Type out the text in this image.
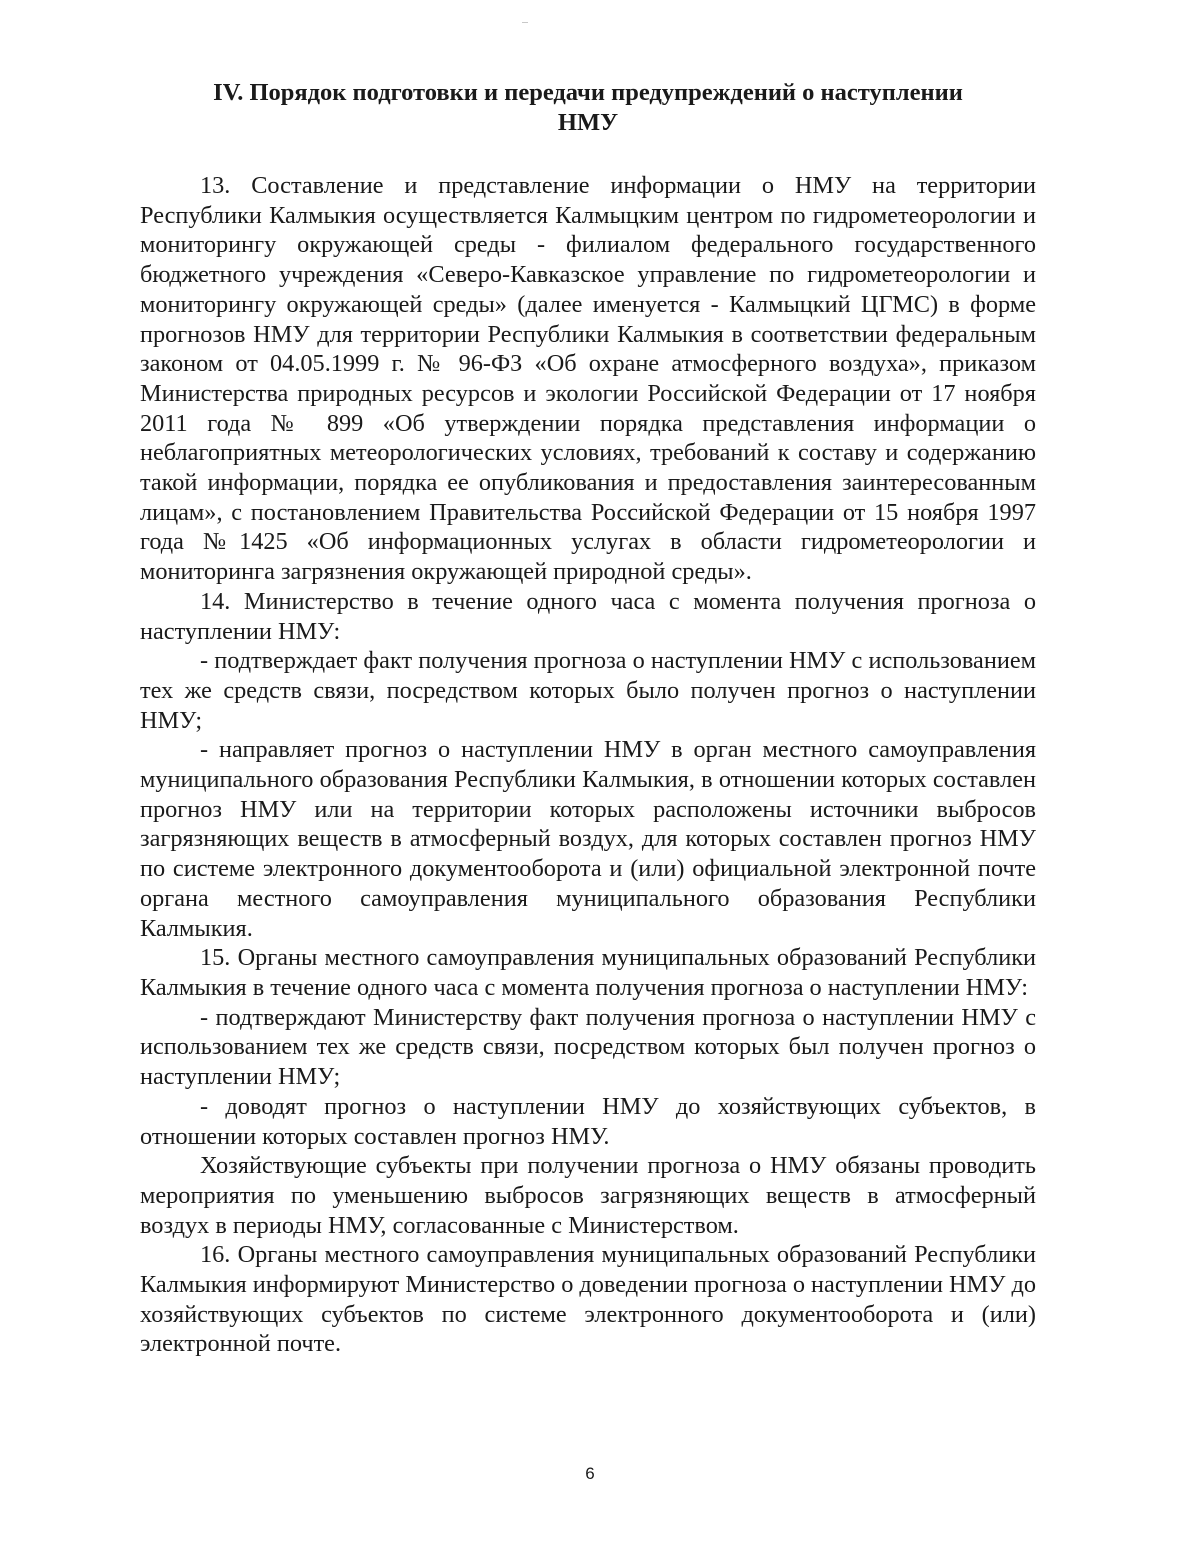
IV. Порядок подготовки и передачи предупреждений о наступлении
НМУ

13. Составление и представление информации о НМУ на территории Республики Калмыкия осуществляется Калмыцким центром по гидрометеорологии и мониторингу окружающей среды - филиалом федерального государственного бюджетного учреждения «Северо-Кавказское управление по гидрометеорологии и мониторингу окружающей среды» (далее именуется - Калмыцкий ЦГМС) в форме прогнозов НМУ для территории Республики Калмыкия в соответствии федеральным законом от 04.05.1999 г. № 96-ФЗ «Об охране атмосферного воздуха», приказом Министерства природных ресурсов и экологии Российской Федерации от 17 ноября 2011 года № 899 «Об утверждении порядка представления информации о неблагоприятных метеорологических условиях, требований к составу и содержанию такой информации, порядка ее опубликования и предоставления заинтересованным лицам», с постановлением Правительства Российской Федерации от 15 ноября 1997 года №1425 «Об информационных услугах в области гидрометеорологии и мониторинга загрязнения окружающей природной среды».

14. Министерство в течение одного часа с момента получения прогноза о наступлении НМУ:

- подтверждает факт получения прогноза о наступлении НМУ с использованием тех же средств связи, посредством которых было получен прогноз о наступлении НМУ;

- направляет прогноз о наступлении НМУ в орган местного самоуправления муниципального образования Республики Калмыкия, в отношении которых составлен прогноз НМУ или на территории которых расположены источники выбросов загрязняющих веществ в атмосферный воздух, для которых составлен прогноз НМУ по системе электронного документооборота и (или) официальной электронной почте органа местного самоуправления муниципального образования Республики Калмыкия.

15. Органы местного самоуправления муниципальных образований Республики Калмыкия в течение одного часа с момента получения прогноза о наступлении НМУ:

- подтверждают Министерству факт получения прогноза о наступлении НМУ с использованием тех же средств связи, посредством которых был получен прогноз о наступлении НМУ;

- доводят прогноз о наступлении НМУ до хозяйствующих субъектов, в отношении которых составлен прогноз НМУ.

Хозяйствующие субъекты при получении прогноза о НМУ обязаны проводить мероприятия по уменьшению выбросов загрязняющих веществ в атмосферный воздух в периоды НМУ, согласованные с Министерством.

16. Органы местного самоуправления муниципальных образований Республики Калмыкия информируют Министерство о доведении прогноза о наступлении НМУ до хозяйствующих субъектов по системе электронного документооборота и (или) электронной почте.

6
